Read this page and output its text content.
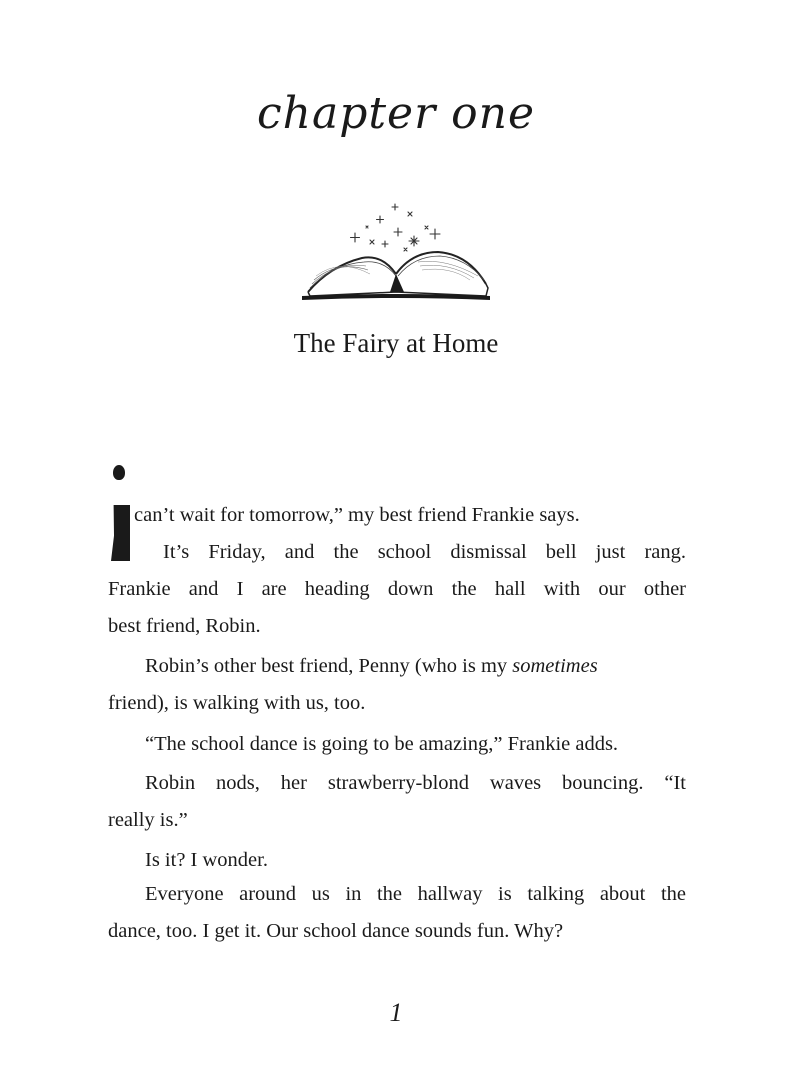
chapter one
The Fairy at Home
can’t wait for tomorrow,” my best friend Frankie says.
It’s Friday, and the school dismissal bell just rang.
Frankie and I are heading down the hall with our other
best friend, Robin.
Robin’s other best friend, Penny (who is my sometimes
friend), is walking with us, too.
“The school dance is going to be amazing,” Frankie adds.
Robin nods, her strawberry-blond waves bouncing. “It
really is.”
Is it? I wonder.
Everyone around us in the hallway is talking about the
dance, too. I get it. Our school dance sounds fun. Why?
1
